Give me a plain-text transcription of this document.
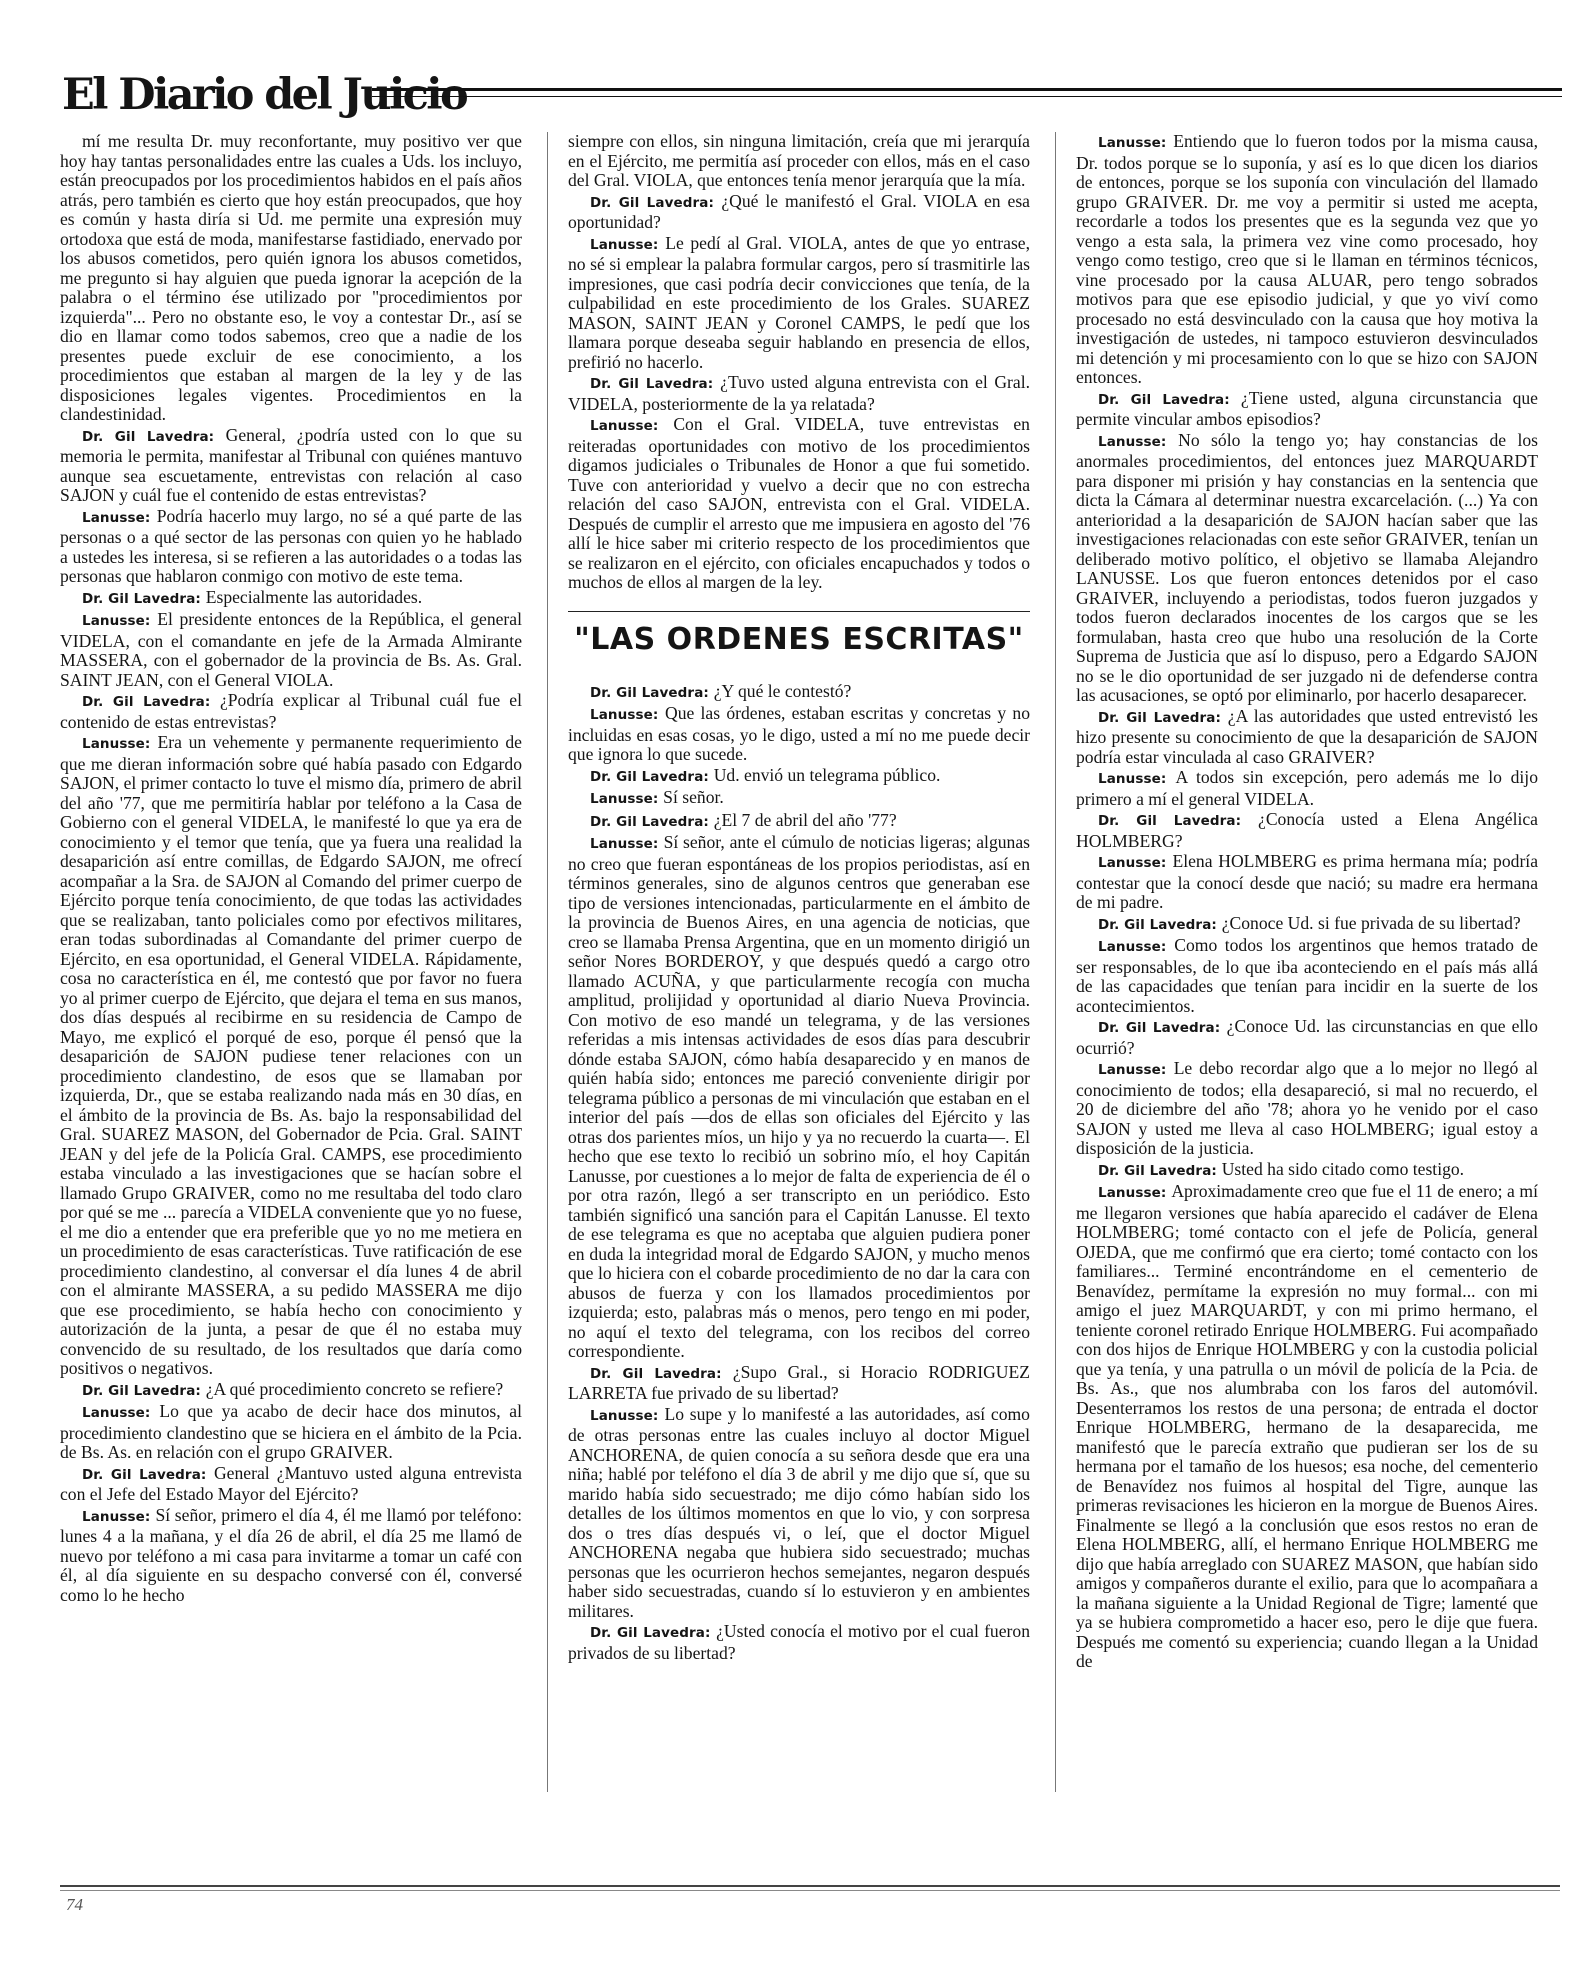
El Diario del Juicio

mí me resulta Dr. muy reconfortante, muy positivo ver que hoy hay tantas personalidades entre las cuales a Uds. los incluyo, están preocupados por los procedimientos habidos en el país años atrás, pero también es cierto que hoy están preocupados, que hoy es común y hasta diría si Ud. me permite una expresión muy ortodoxa que está de moda, manifestarse fastidiado, enervado por los abusos cometidos, pero quién ignora los abusos cometidos, me pregunto si hay alguien que pueda ignorar la acepción de la palabra o el término ése utilizado por "procedimientos por izquierda"... Pero no obstante eso, le voy a contestar Dr., así se dio en llamar como todos sabemos, creo que a nadie de los presentes puede excluir de ese conocimiento, a los procedimientos que estaban al margen de la ley y de las disposiciones legales vigentes. Procedimientos en la clandestinidad.

Dr. Gil Lavedra: General, ¿podría usted con lo que su memoria le permita, manifestar al Tribunal con quiénes mantuvo aunque sea escuetamente, entrevistas con relación al caso SAJON y cuál fue el contenido de estas entrevistas?

Lanusse: Podría hacerlo muy largo, no sé a qué parte de las personas o a qué sector de las personas con quien yo he hablado a ustedes les interesa, si se refieren a las autoridades o a todas las personas que hablaron conmigo con motivo de este tema.

Dr. Gil Lavedra: Especialmente las autoridades.

Lanusse: El presidente entonces de la República, el general VIDELA, con el comandante en jefe de la Armada Almirante MASSERA, con el gobernador de la provincia de Bs. As. Gral. SAINT JEAN, con el General VIOLA.

Dr. Gil Lavedra: ¿Podría explicar al Tribunal cuál fue el contenido de estas entrevistas?

Lanusse: Era un vehemente y permanente requerimiento de que me dieran información sobre qué había pasado con Edgardo SAJON, el primer contacto lo tuve el mismo día, primero de abril del año '77, que me permitiría hablar por teléfono a la Casa de Gobierno con el general VIDELA, le manifesté lo que ya era de conocimiento y el temor que tenía, que ya fuera una realidad la desaparición así entre comillas, de Edgardo SAJON, me ofrecí acompañar a la Sra. de SAJON al Comando del primer cuerpo de Ejército porque tenía conocimiento, de que todas las actividades que se realizaban, tanto policiales como por efectivos militares, eran todas subordinadas al Comandante del primer cuerpo de Ejército, en esa oportunidad, el General VIDELA. Rápidamente, cosa no característica en él, me contestó que por favor no fuera yo al primer cuerpo de Ejército, que dejara el tema en sus manos, dos días después al recibirme en su residencia de Campo de Mayo, me explicó el porqué de eso, porque él pensó que la desaparición de SAJON pudiese tener relaciones con un procedimiento clandestino, de esos que se llamaban por izquierda, Dr., que se estaba realizando nada más en 30 días, en el ámbito de la provincia de Bs. As. bajo la responsabilidad del Gral. SUAREZ MASON, del Gobernador de Pcia. Gral. SAINT JEAN y del jefe de la Policía Gral. CAMPS, ese procedimiento estaba vinculado a las investigaciones que se hacían sobre el llamado Grupo GRAIVER, como no me resultaba del todo claro por qué se me ... parecía a VIDELA conveniente que yo no fuese, el me dio a entender que era preferible que yo no me metiera en un procedimiento de esas características. Tuve ratificación de ese procedimiento clandestino, al conversar el día lunes 4 de abril con el almirante MASSERA, a su pedido MASSERA me dijo que ese procedimiento, se había hecho con conocimiento y autorización de la junta, a pesar de que él no estaba muy convencido de su resultado, de los resultados que daría como positivos o negativos.

Dr. Gil Lavedra: ¿A qué procedimiento concreto se refiere?

Lanusse: Lo que ya acabo de decir hace dos minutos, al procedimiento clandestino que se hiciera en el ámbito de la Pcia. de Bs. As. en relación con el grupo GRAIVER.

Dr. Gil Lavedra: General ¿Mantuvo usted alguna entrevista con el Jefe del Estado Mayor del Ejército?

Lanusse: Sí señor, primero el día 4, él me llamó por teléfono: lunes 4 a la mañana, y el día 26 de abril, el día 25 me llamó de nuevo por teléfono a mi casa para invitarme a tomar un café con él, al día siguiente en su despacho conversé con él, conversé como lo he hecho

siempre con ellos, sin ninguna limitación, creía que mi jerarquía en el Ejército, me permitía así proceder con ellos, más en el caso del Gral. VIOLA, que entonces tenía menor jerarquía que la mía.

Dr. Gil Lavedra: ¿Qué le manifestó el Gral. VIOLA en esa oportunidad?

Lanusse: Le pedí al Gral. VIOLA, antes de que yo entrase, no sé si emplear la palabra formular cargos, pero sí trasmitirle las impresiones, que casi podría decir convicciones que tenía, de la culpabilidad en este procedimiento de los Grales. SUAREZ MASON, SAINT JEAN y Coronel CAMPS, le pedí que los llamara porque deseaba seguir hablando en presencia de ellos, prefirió no hacerlo.

Dr. Gil Lavedra: ¿Tuvo usted alguna entrevista con el Gral. VIDELA, posteriormente de la ya relatada?

Lanusse: Con el Gral. VIDELA, tuve entrevistas en reiteradas oportunidades con motivo de los procedimientos digamos judiciales o Tribunales de Honor a que fui sometido. Tuve con anterioridad y vuelvo a decir que no con estrecha relación del caso SAJON, entrevista con el Gral. VIDELA. Después de cumplir el arresto que me impusiera en agosto del '76 allí le hice saber mi criterio respecto de los procedimientos que se realizaron en el ejército, con oficiales encapuchados y todos o muchos de ellos al margen de la ley.

"LAS ORDENES ESCRITAS"

Dr. Gil Lavedra: ¿Y qué le contestó?

Lanusse: Que las órdenes, estaban escritas y concretas y no incluidas en esas cosas, yo le digo, usted a mí no me puede decir que ignora lo que sucede.

Dr. Gil Lavedra: Ud. envió un telegrama público.

Lanusse: Sí señor.

Dr. Gil Lavedra: ¿El 7 de abril del año '77?

Lanusse: Sí señor, ante el cúmulo de noticias ligeras; algunas no creo que fueran espontáneas de los propios periodistas, así en términos generales, sino de algunos centros que generaban ese tipo de versiones intencionadas, particularmente en el ámbito de la provincia de Buenos Aires, en una agencia de noticias, que creo se llamaba Prensa Argentina, que en un momento dirigió un señor Nores BORDEROY, y que después quedó a cargo otro llamado ACUÑA, y que particularmente recogía con mucha amplitud, prolijidad y oportunidad al diario Nueva Provincia. Con motivo de eso mandé un telegrama, y de las versiones referidas a mis intensas actividades de esos días para descubrir dónde estaba SAJON, cómo había desaparecido y en manos de quién había sido; entonces me pareció conveniente dirigir por telegrama público a personas de mi vinculación que estaban en el interior del país —dos de ellas son oficiales del Ejército y las otras dos parientes míos, un hijo y ya no recuerdo la cuarta—. El hecho que ese texto lo recibió un sobrino mío, el hoy Capitán Lanusse, por cuestiones a lo mejor de falta de experiencia de él o por otra razón, llegó a ser transcripto en un periódico. Esto también significó una sanción para el Capitán Lanusse. El texto de ese telegrama es que no aceptaba que alguien pudiera poner en duda la integridad moral de Edgardo SAJON, y mucho menos que lo hiciera con el cobarde procedimiento de no dar la cara con abusos de fuerza y con los llamados procedimientos por izquierda; esto, palabras más o menos, pero tengo en mi poder, no aquí el texto del telegrama, con los recibos del correo correspondiente.

Dr. Gil Lavedra: ¿Supo Gral., si Horacio RODRIGUEZ LARRETA fue privado de su libertad?

Lanusse: Lo supe y lo manifesté a las autoridades, así como de otras personas entre las cuales incluyo al doctor Miguel ANCHORENA, de quien conocía a su señora desde que era una niña; hablé por teléfono el día 3 de abril y me dijo que sí, que su marido había sido secuestrado; me dijo cómo habían sido los detalles de los últimos momentos en que lo vio, y con sorpresa dos o tres días después vi, o leí, que el doctor Miguel ANCHORENA negaba que hubiera sido secuestrado; muchas personas que les ocurrieron hechos semejantes, negaron después haber sido secuestradas, cuando sí lo estuvieron y en ambientes militares.

Dr. Gil Lavedra: ¿Usted conocía el motivo por el cual fueron privados de su libertad?

Lanusse: Entiendo que lo fueron todos por la misma causa, Dr. todos porque se lo suponía, y así es lo que dicen los diarios de entonces, porque se los suponía con vinculación del llamado grupo GRAIVER. Dr. me voy a permitir si usted me acepta, recordarle a todos los presentes que es la segunda vez que yo vengo a esta sala, la primera vez vine como procesado, hoy vengo como testigo, creo que si le llaman en términos técnicos, vine procesado por la causa ALUAR, pero tengo sobrados motivos para que ese episodio judicial, y que yo viví como procesado no está desvinculado con la causa que hoy motiva la investigación de ustedes, ni tampoco estuvieron desvinculados mi detención y mi procesamiento con lo que se hizo con SAJON entonces.

Dr. Gil Lavedra: ¿Tiene usted, alguna circunstancia que permite vincular ambos episodios?

Lanusse: No sólo la tengo yo; hay constancias de los anormales procedimientos, del entonces juez MARQUARDT para disponer mi prisión y hay constancias en la sentencia que dicta la Cámara al determinar nuestra excarcelación. (...) Ya con anterioridad a la desaparición de SAJON hacían saber que las investigaciones relacionadas con este señor GRAIVER, tenían un deliberado motivo político, el objetivo se llamaba Alejandro LANUSSE. Los que fueron entonces detenidos por el caso GRAIVER, incluyendo a periodistas, todos fueron juzgados y todos fueron declarados inocentes de los cargos que se les formulaban, hasta creo que hubo una resolución de la Corte Suprema de Justicia que así lo dispuso, pero a Edgardo SAJON no se le dio oportunidad de ser juzgado ni de defenderse contra las acusaciones, se optó por eliminarlo, por hacerlo desaparecer.

Dr. Gil Lavedra: ¿A las autoridades que usted entrevistó les hizo presente su conocimiento de que la desaparición de SAJON podría estar vinculada al caso GRAIVER?

Lanusse: A todos sin excepción, pero además me lo dijo primero a mí el general VIDELA.

Dr. Gil Lavedra: ¿Conocía usted a Elena Angélica HOLMBERG?

Lanusse: Elena HOLMBERG es prima hermana mía; podría contestar que la conocí desde que nació; su madre era hermana de mi padre.

Dr. Gil Lavedra: ¿Conoce Ud. si fue privada de su libertad?

Lanusse: Como todos los argentinos que hemos tratado de ser responsables, de lo que iba aconteciendo en el país más allá de las capacidades que tenían para incidir en la suerte de los acontecimientos.

Dr. Gil Lavedra: ¿Conoce Ud. las circunstancias en que ello ocurrió?

Lanusse: Le debo recordar algo que a lo mejor no llegó al conocimiento de todos; ella desapareció, si mal no recuerdo, el 20 de diciembre del año '78; ahora yo he venido por el caso SAJON y usted me lleva al caso HOLMBERG; igual estoy a disposición de la justicia.

Dr. Gil Lavedra: Usted ha sido citado como testigo.

Lanusse: Aproximadamente creo que fue el 11 de enero; a mí me llegaron versiones que había aparecido el cadáver de Elena HOLMBERG; tomé contacto con el jefe de Policía, general OJEDA, que me confirmó que era cierto; tomé contacto con los familiares... Terminé encontrándome en el cementerio de Benavídez, permítame la expresión no muy formal... con mi amigo el juez MARQUARDT, y con mi primo hermano, el teniente coronel retirado Enrique HOLMBERG. Fui acompañado con dos hijos de Enrique HOLMBERG y con la custodia policial que ya tenía, y una patrulla o un móvil de policía de la Pcia. de Bs. As., que nos alumbraba con los faros del automóvil. Desenterramos los restos de una persona; de entrada el doctor Enrique HOLMBERG, hermano de la desaparecida, me manifestó que le parecía extraño que pudieran ser los de su hermana por el tamaño de los huesos; esa noche, del cementerio de Benavídez nos fuimos al hospital del Tigre, aunque las primeras revisaciones les hicieron en la morgue de Buenos Aires. Finalmente se llegó a la conclusión que esos restos no eran de Elena HOLMBERG, allí, el hermano Enrique HOLMBERG me dijo que había arreglado con SUAREZ MASON, que habían sido amigos y compañeros durante el exilio, para que lo acompañara a la mañana siguiente a la Unidad Regional de Tigre; lamenté que ya se hubiera comprometido a hacer eso, pero le dije que fuera. Después me comentó su experiencia; cuando llegan a la Unidad de

74
